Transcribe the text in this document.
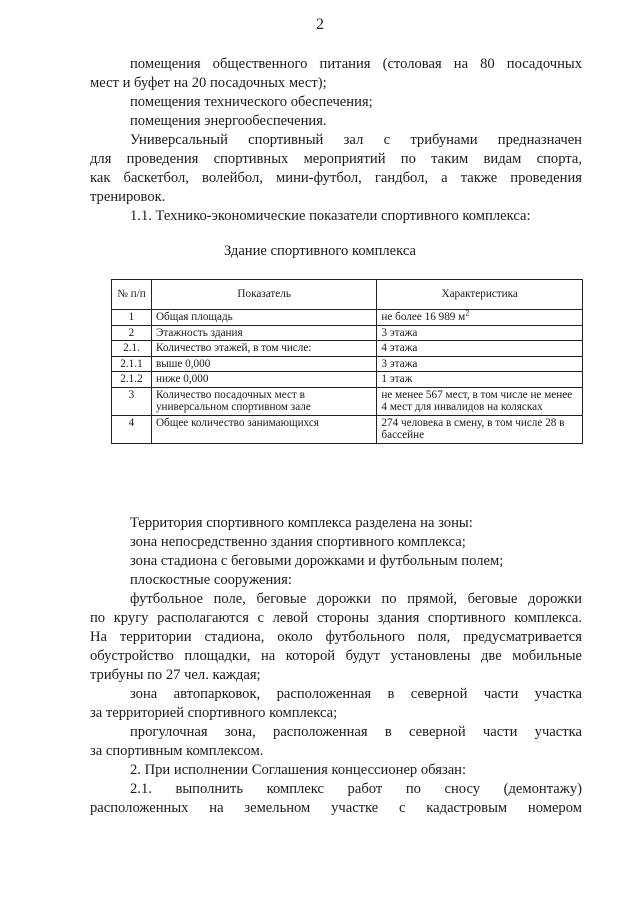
2
помещения общественного питания (столовая на 80 посадочных
мест и буфет на 20 посадочных мест);
помещения технического обеспечения;
помещения энергообеспечения.
Универсальный спортивный зал с трибунами предназначен
для проведения спортивных мероприятий по таким видам спорта,
как баскетбол, волейбол, мини-футбол, гандбол, а также проведения
тренировок.
1.1. Технико-экономические показатели спортивного комплекса:
Здание спортивного комплекса
№ п/п	Показатель	Характеристика
1	Общая площадь	не более 16 989 $м^2$
2	Этажность здания	3 этажа
2.1.	Количество этажей, в том числе:	4 этажа
2.1.1	выше 0,000	3 этажа
2.1.2	ниже 0,000	1 этаж
3	Количество посадочных мест в универсальном спортивном зале	не менее 567 мест, в том числе не менее 4 мест для инвалидов на колясках
4	Общее количество занимающихся	274 человека в смену, в том числе 28 в бассейне
Территория спортивного комплекса разделена на зоны:
зона непосредственно здания спортивного комплекса;
зона стадиона с беговыми дорожками и футбольным полем;
плоскостные сооружения:
футбольное поле, беговые дорожки по прямой, беговые дорожки
по кругу располагаются с левой стороны здания спортивного комплекса.
На территории стадиона, около футбольного поля, предусматривается
обустройство площадки, на которой будут установлены две мобильные
трибуны по 27 чел. каждая;
зона автопарковок, расположенная в северной части участка
за территорией спортивного комплекса;
прогулочная зона, расположенная в северной части участка
за спортивным комплексом.
2. При исполнении Соглашения концессионер обязан:
2.1. выполнить комплекс работ по сносу (демонтажу)
расположенных на земельном участке с кадастровым номером
